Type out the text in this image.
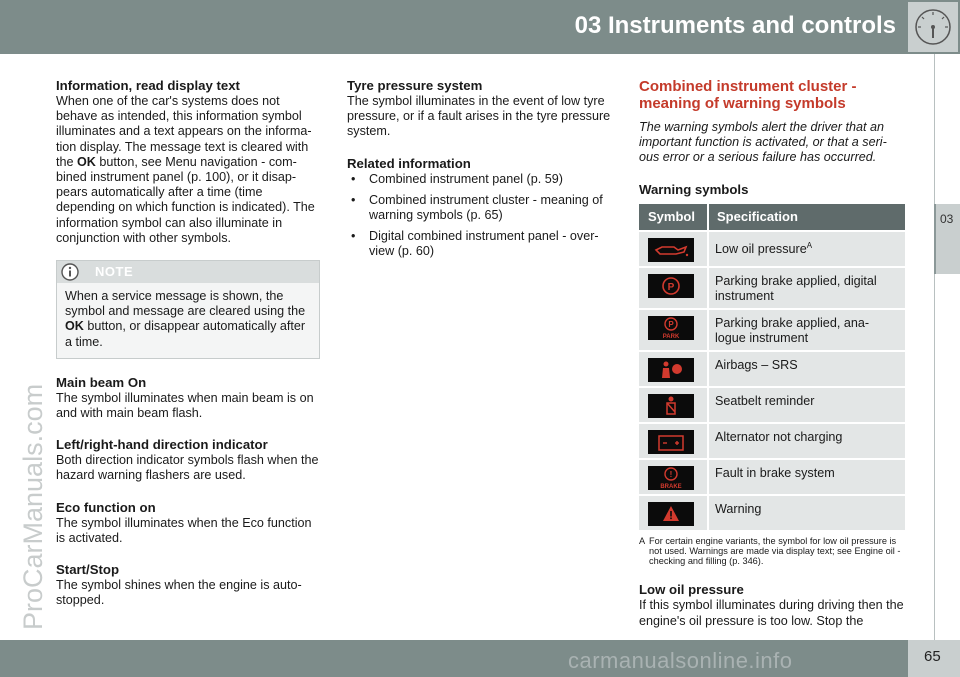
03 Instruments and controls
03
ProCarManuals.com
Information, read display text

When one of the car's systems does not behave as intended, this information symbol illuminates and a text appears on the informa-tion display. The message text is cleared with the OK button, see Menu navigation - com-bined instrument panel (p. 100), or it disap-pears automatically after a time (time depending on which function is indicated). The information symbol can also illuminate in conjunction with other symbols.

NOTE
When a service message is shown, the symbol and message are cleared using the OK button, or disappear automatically after a time.
Main beam On

The symbol illuminates when main beam is on and with main beam flash.

Left/right-hand direction indicator

Both direction indicator symbols flash when the hazard warning flashers are used.

Eco function on

The symbol illuminates when the Eco function is activated.

Start/Stop

The symbol shines when the engine is auto-stopped.

Tyre pressure system

The symbol illuminates in the event of low tyre pressure, or if a fault arises in the tyre pressure system.

Related information
• Combined instrument panel (p. 59)
• Combined instrument cluster - meaning of warning symbols (p. 65)
• Digital combined instrument panel - over-view (p. 60)
Combined instrument cluster - meaning of warning symbols

The warning symbols alert the driver that an important function is activated, or that a seri-ous error or a serious failure has occurred.

Warning symbols
Symbol	Specification

	Low oil pressure$^A$

P	Parking brake applied, digital instrument

P
PARK	Parking brake applied, ana-logue instrument

	Airbags – SRS

	Seatbelt reminder

	Alternator not charging

!
BRAKE	Fault in brake system

	Warning
A For certain engine variants, the symbol for low oil pressure is not used. Warnings are made via display text; see Engine oil - checking and filling (p. 346).
Low oil pressure

If this symbol illuminates during driving then the engine's oil pressure is too low. Stop the

65
carmanualsonline.info
